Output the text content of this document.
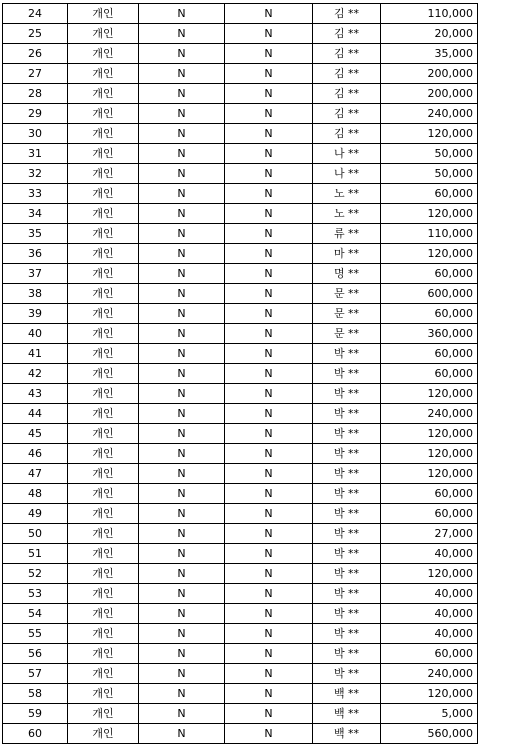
24	개인	N	N	김 **	110,000
25	개인	N	N	김 **	20,000
26	개인	N	N	김 **	35,000
27	개인	N	N	김 **	200,000
28	개인	N	N	김 **	200,000
29	개인	N	N	김 **	240,000
30	개인	N	N	김 **	120,000
31	개인	N	N	나 **	50,000
32	개인	N	N	나 **	50,000
33	개인	N	N	노 **	60,000
34	개인	N	N	노 **	120,000
35	개인	N	N	류 **	110,000
36	개인	N	N	마 **	120,000
37	개인	N	N	명 **	60,000
38	개인	N	N	문 **	600,000
39	개인	N	N	문 **	60,000
40	개인	N	N	문 **	360,000
41	개인	N	N	박 **	60,000
42	개인	N	N	박 **	60,000
43	개인	N	N	박 **	120,000
44	개인	N	N	박 **	240,000
45	개인	N	N	박 **	120,000
46	개인	N	N	박 **	120,000
47	개인	N	N	박 **	120,000
48	개인	N	N	박 **	60,000
49	개인	N	N	박 **	60,000
50	개인	N	N	박 **	27,000
51	개인	N	N	박 **	40,000
52	개인	N	N	박 **	120,000
53	개인	N	N	박 **	40,000
54	개인	N	N	박 **	40,000
55	개인	N	N	박 **	40,000
56	개인	N	N	박 **	60,000
57	개인	N	N	박 **	240,000
58	개인	N	N	백 **	120,000
59	개인	N	N	백 **	5,000
60	개인	N	N	백 **	560,000
